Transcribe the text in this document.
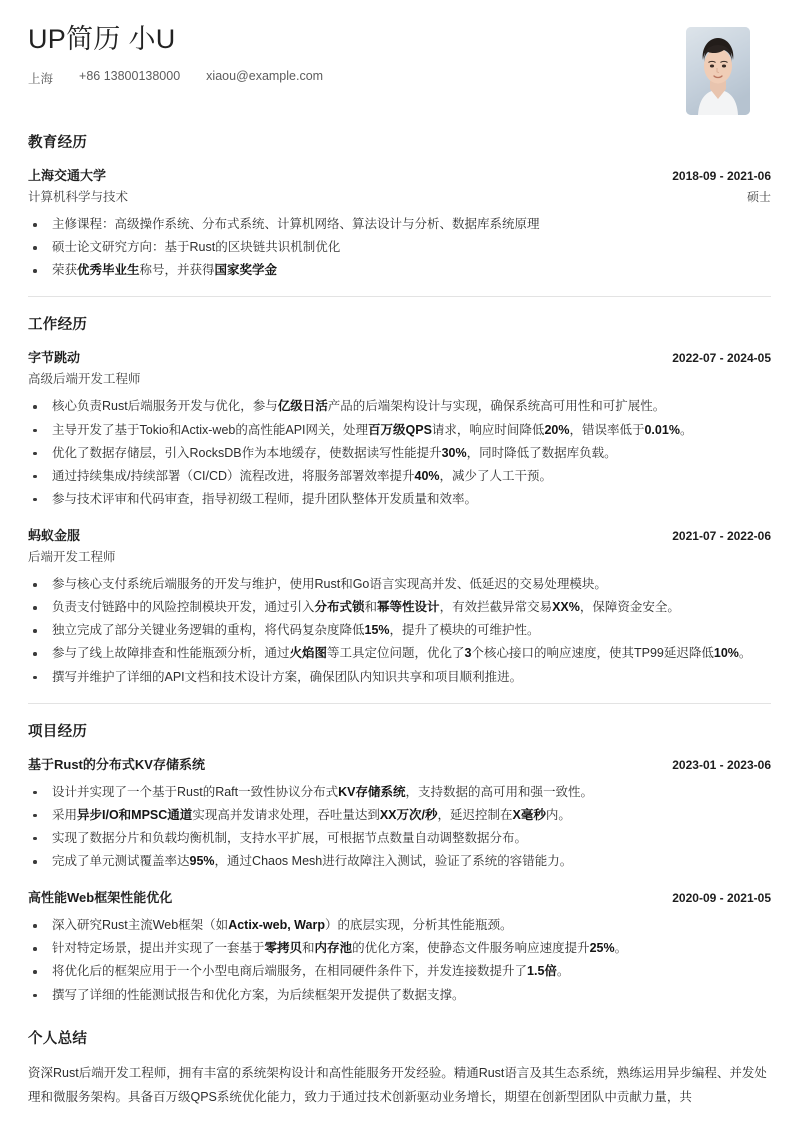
UP简历 小U
上海 +86 13800138000 xiaou@example.com
教育经历
上海交通大学	2018-09 - 2021-06
计算机科学与技术	硕士
主修课程：高级操作系统、分布式系统、计算机网络、算法设计与分析、数据库系统原理
硕士论文研究方向：基于Rust的区块链共识机制优化
荣获优秀毕业生称号，并获得国家奖学金
工作经历
字节跳动	2022-07 - 2024-05
高级后端开发工程师
核心负责Rust后端服务开发与优化，参与亿级日活产品的后端架构设计与实现，确保系统高可用性和可扩展性。
主导开发了基于Tokio和Actix-web的高性能API网关，处理百万级QPS请求，响应时间降低20%，错误率低于0.01%。
优化了数据存储层，引入RocksDB作为本地缓存，使数据读写性能提升30%，同时降低了数据库负载。
通过持续集成/持续部署（CI/CD）流程改进，将服务部署效率提升40%，减少了人工干预。
参与技术评审和代码审查，指导初级工程师，提升团队整体开发质量和效率。
蚂蚁金服	2021-07 - 2022-06
后端开发工程师
参与核心支付系统后端服务的开发与维护，使用Rust和Go语言实现高并发、低延迟的交易处理模块。
负责支付链路中的风险控制模块开发，通过引入分布式锁和幂等性设计，有效拦截异常交易XX%，保障资金安全。
独立完成了部分关键业务逻辑的重构，将代码复杂度降低15%，提升了模块的可维护性。
参与了线上故障排查和性能瓶颈分析，通过火焰图等工具定位问题，优化了3个核心接口的响应速度，使其TP99延迟降低10%。
撰写并维护了详细的API文档和技术设计方案，确保团队内知识共享和项目顺利推进。
项目经历
基于Rust的分布式KV存储系统	2023-01 - 2023-06
设计并实现了一个基于Rust的Raft一致性协议分布式KV存储系统，支持数据的高可用和强一致性。
采用异步I/O和MPSC通道实现高并发请求处理，吞吐量达到XX万次/秒，延迟控制在X毫秒内。
实现了数据分片和负载均衡机制，支持水平扩展，可根据节点数量自动调整数据分布。
完成了单元测试覆盖率达95%，通过Chaos Mesh进行故障注入测试，验证了系统的容错能力。
高性能Web框架性能优化	2020-09 - 2021-05
深入研究Rust主流Web框架（如Actix-web, Warp）的底层实现，分析其性能瓶颈。
针对特定场景，提出并实现了一套基于零拷贝和内存池的优化方案，使静态文件服务响应速度提升25%。
将优化后的框架应用于一个小型电商后端服务，在相同硬件条件下，并发连接数提升了1.5倍。
撰写了详细的性能测试报告和优化方案，为后续框架开发提供了数据支撑。
个人总结
资深Rust后端开发工程师，拥有丰富的系统架构设计和高性能服务开发经验。精通Rust语言及其生态系统，熟练运用异步编程、并发处理和微服务架构。具备百万级QPS系统优化能力，致力于通过技术创新驱动业务增长，期望在创新型团队中贡献力量，共
